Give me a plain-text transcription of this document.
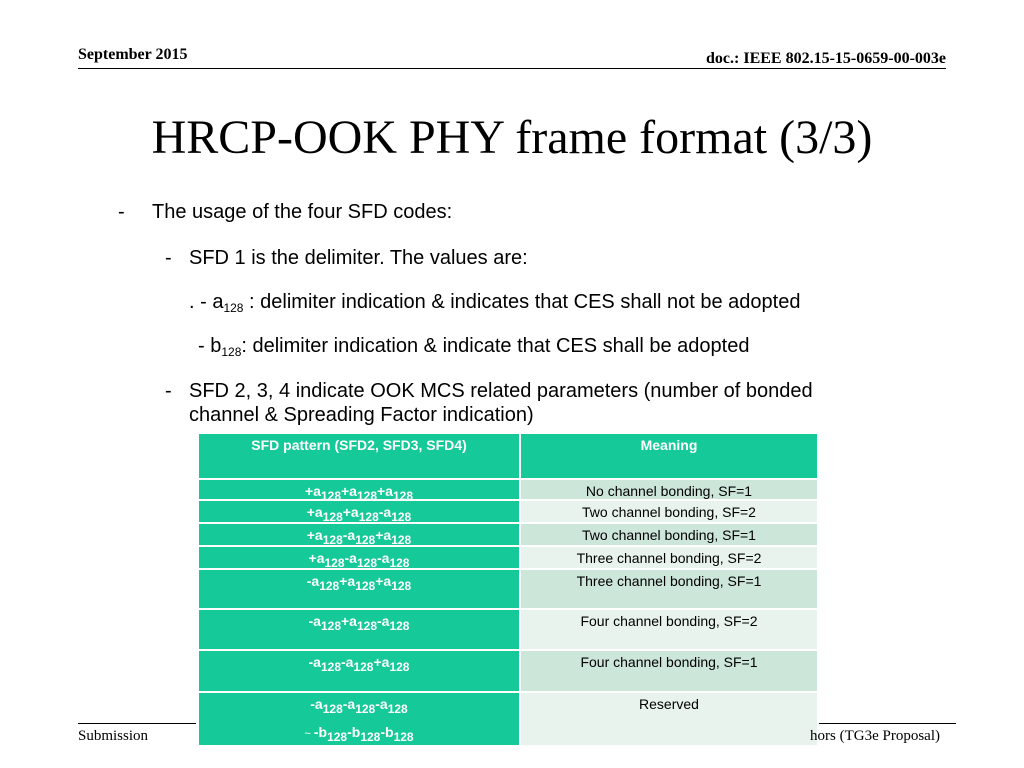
September 2015	doc.: IEEE 802.15-15-0659-00-003e
HRCP-OOK PHY frame format (3/3)
- The usage of the four SFD codes:
- SFD 1 is the delimiter. The values are:
. - $a_{128}$ : delimiter indication & indicates that CES shall not be adopted
- $b_{128}$: delimiter indication & indicate that CES shall be adopted
- SFD 2, 3, 4 indicate OOK MCS related parameters (number of bonded
channel & Spreading Factor indication)
SFD pattern (SFD2, SFD3, SFD4)	Meaning

$+a_{128}+a_{128}+a_{128}$	No channel bonding, SF=1

$+a_{128}+a_{128}-a_{128}$	Two channel bonding, SF=2

$+a_{128}-a_{128}+a_{128}$	Two channel bonding, SF=1

$+a_{128}-a_{128}-a_{128}$	Three channel bonding, SF=2

$-a_{128}+a_{128}+a_{128}$	Three channel bonding, SF=1

$-a_{128}+a_{128}-a_{128}$	Four channel bonding, SF=2

$-a_{128}-a_{128}+a_{128}$	Four channel bonding, SF=1

$-a_{128}-a_{128}-a_{128}$
~ $-b_{128}-b_{128}-b_{128}$	Reserved
Submission	hors (TG3e Proposal)
